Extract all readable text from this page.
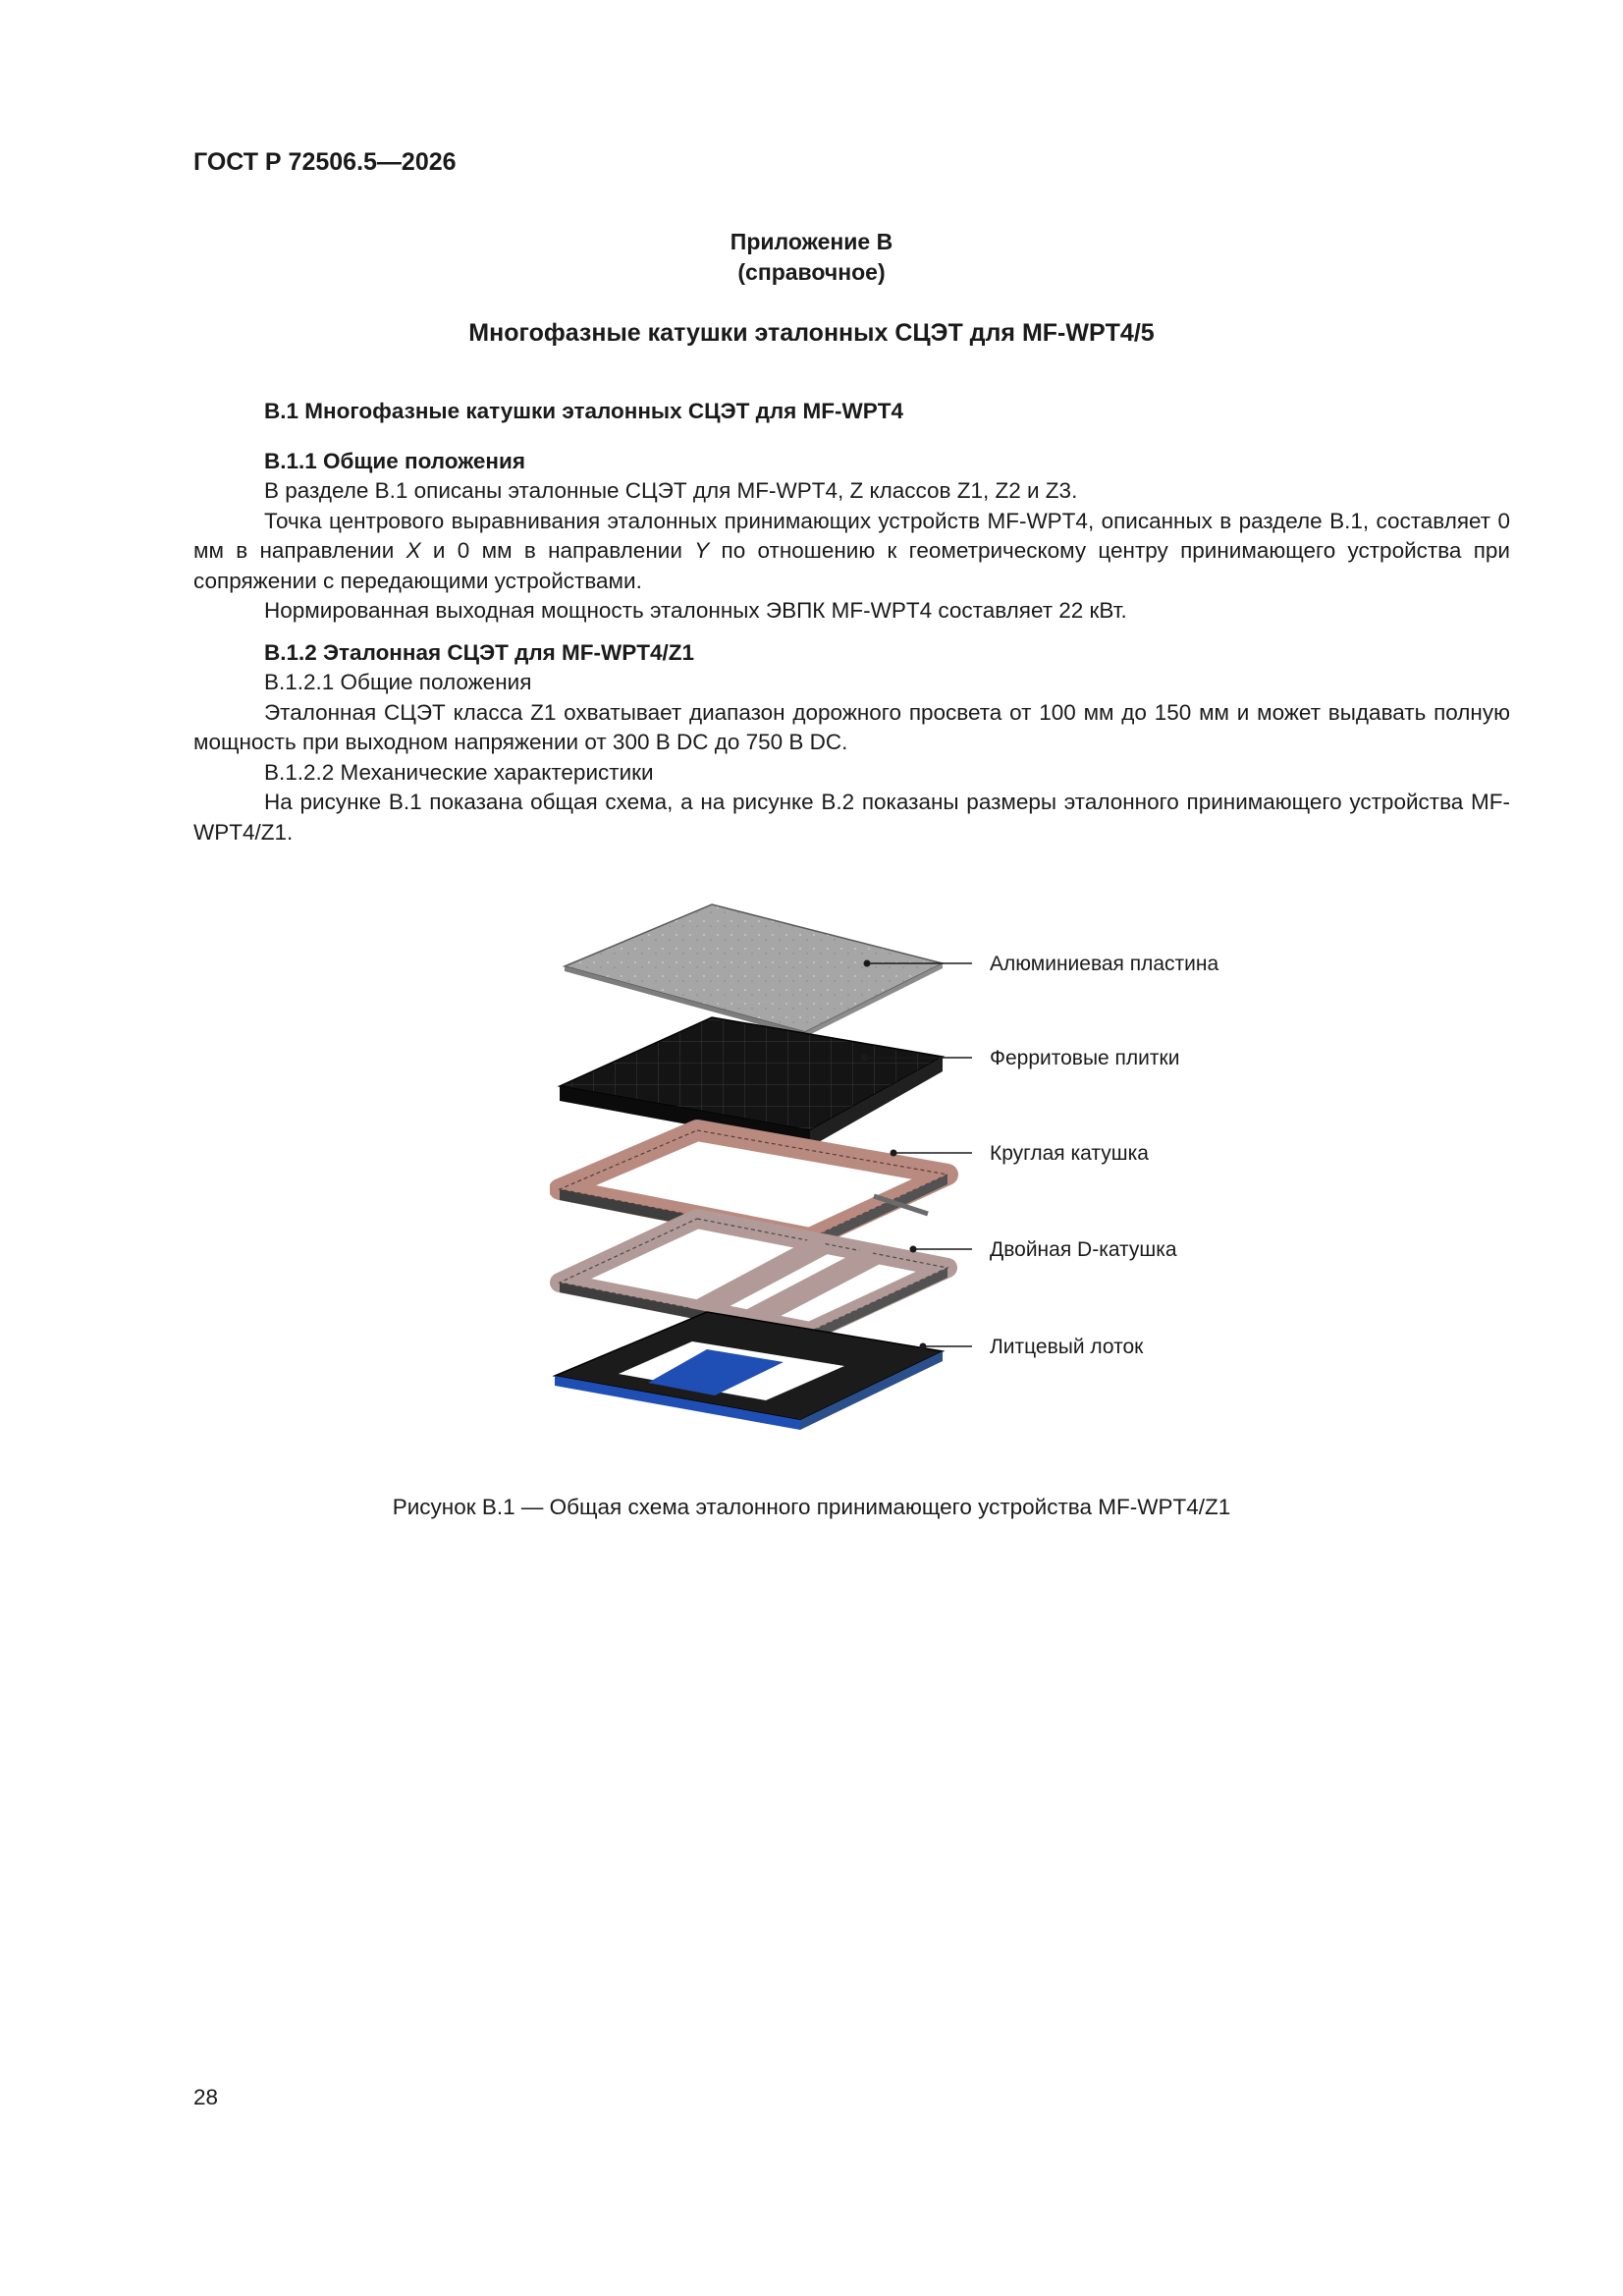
ГОСТ Р 72506.5—2026
Приложение В
(справочное)
Многофазные катушки эталонных СЦЭТ для MF-WPT4/5
В.1 Многофазные катушки эталонных СЦЭТ для MF-WPT4
В.1.1 Общие положения

В разделе В.1 описаны эталонные СЦЭТ для MF-WPT4, Z классов Z1, Z2 и Z3.

Точка центрового выравнивания эталонных принимающих устройств MF-WPT4, описанных в разделе В.1, составляет 0 мм в направлении X и 0 мм в направлении Y по отношению к геометрическому центру принимающего устройства при сопряжении с передающими устройствами.

Нормированная выходная мощность эталонных ЭВПК MF-WPT4 составляет 22 кВт.

В.1.2 Эталонная СЦЭТ для MF-WPT4/Z1
В.1.2.1 Общие положения

Эталонная СЦЭТ класса Z1 охватывает диапазон дорожного просвета от 100 мм до 150 мм и может выдавать полную мощность при выходном напряжении от 300 В DC до 750 В DC.

В.1.2.2 Механические характеристики

На рисунке В.1 показана общая схема, а на рисунке В.2 показаны размеры эталонного принимающего устройства MF-WPT4/Z1.

Алюминиевая пластина
Ферритовые плитки
Круглая катушка
Двойная D-катушка
Литцевый лоток
Рисунок В.1 — Общая схема эталонного принимающего устройства MF-WPT4/Z1
28
